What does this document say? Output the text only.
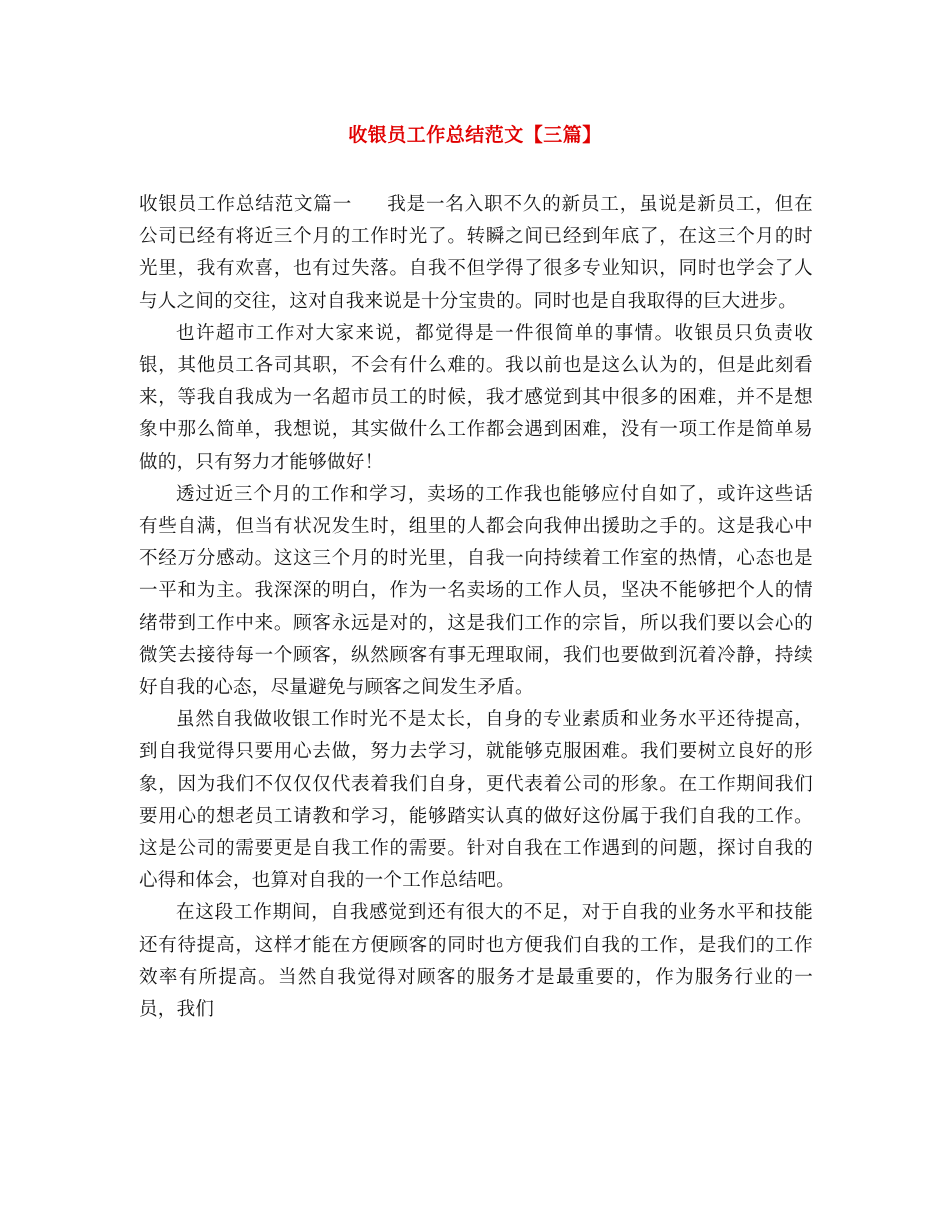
收银员工作总结范文【三篇】

收银员工作总结范文篇一 我是一名入职不久的新员工，虽说是新员工，但在公司已经有将近三个月的工作时光了。转瞬之间已经到年底了，在这三个月的时光里，我有欢喜，也有过失落。自我不但学得了很多专业知识，同时也学会了人与人之间的交往，这对自我来说是十分宝贵的。同时也是自我取得的巨大进步。

也许超市工作对大家来说，都觉得是一件很简单的事情。收银员只负责收银，其他员工各司其职，不会有什么难的。我以前也是这么认为的，但是此刻看来，等我自我成为一名超市员工的时候，我才感觉到其中很多的困难，并不是想象中那么简单，我想说，其实做什么工作都会遇到困难，没有一项工作是简单易做的，只有努力才能够做好！

透过近三个月的工作和学习，卖场的工作我也能够应付自如了，或许这些话有些自满，但当有状况发生时，组里的人都会向我伸出援助之手的。这是我心中不经万分感动。这这三个月的时光里，自我一向持续着工作室的热情，心态也是一平和为主。我深深的明白，作为一名卖场的工作人员，坚决不能够把个人的情绪带到工作中来。顾客永远是对的，这是我们工作的宗旨，所以我们要以会心的微笑去接待每一个顾客，纵然顾客有事无理取闹，我们也要做到沉着冷静，持续好自我的心态，尽量避免与顾客之间发生矛盾。

虽然自我做收银工作时光不是太长，自身的专业素质和业务水平还待提高，到自我觉得只要用心去做，努力去学习，就能够克服困难。我们要树立良好的形象，因为我们不仅仅仅代表着我们自身，更代表着公司的形象。在工作期间我们要用心的想老员工请教和学习，能够踏实认真的做好这份属于我们自我的工作。这是公司的需要更是自我工作的需要。针对自我在工作遇到的问题，探讨自我的心得和体会，也算对自我的一个工作总结吧。

在这段工作期间，自我感觉到还有很大的不足，对于自我的业务水平和技能还有待提高，这样才能在方便顾客的同时也方便我们自我的工作，是我们的工作效率有所提高。当然自我觉得对顾客的服务才是最重要的，作为服务行业的一员，我们
